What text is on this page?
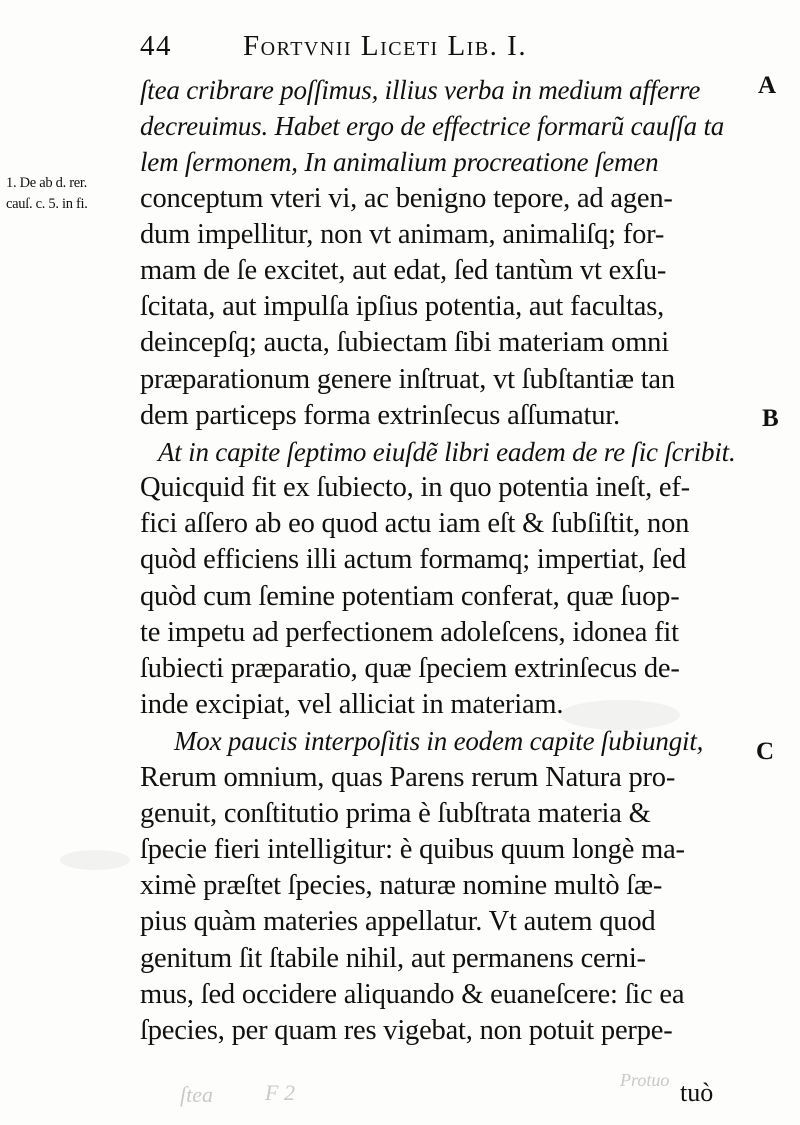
44 Fortvnii Liceti Lib. I.
1. De ab d. rer.
cauſ. c. 5. in fi.
A
B
C
ſtea cribrare poſſimus, illius verba in medium afferre
decreuimus. Habet ergo de effectrice formarũ cauſſa ta
lem ſermonem, In animalium procreatione ſemen
conceptum vteri vi, ac benigno tepore, ad agen-
dum impellitur, non vt animam, animaliſq; for-
mam de ſe excitet, aut edat, ſed tantùm vt exſu-
ſcitata, aut impulſa ipſius potentia, aut facultas,
deincepſq; aucta, ſubiectam ſibi materiam omni
præparationum genere inſtruat, vt ſubſtantiæ tan
dem particeps forma extrinſecus aſſumatur.
At in capite ſeptimo eiuſdẽ libri eadem de re ſic ſcribit.
Quicquid fit ex ſubiecto, in quo potentia ineſt, ef-
fici aſſero ab eo quod actu iam eſt & ſubſiſtit, non
quòd efficiens illi actum formamq; impertiat, ſed
quòd cum ſemine potentiam conferat, quæ ſuop-
te impetu ad perfectionem adoleſcens, idonea fit
ſubiecti præparatio, quæ ſpeciem extrinſecus de-
inde excipiat, vel alliciat in materiam.
Mox paucis interpoſitis in eodem capite ſubiungit,
Rerum omnium, quas Parens rerum Natura pro-
genuit, conſtitutio prima è ſubſtrata materia &
ſpecie fieri intelligitur: è quibus quum longè ma-
ximè præſtet ſpecies, naturæ nomine multò ſæ-
pius quàm materies appellatur. Vt autem quod
genitum ſit ſtabile nihil, aut permanens cerni-
mus, ſed occidere aliquando & euaneſcere: ſic ea
ſpecies, per quam res vigebat, non potuit perpe-
tuò
F 2
ſtea
Protuo
